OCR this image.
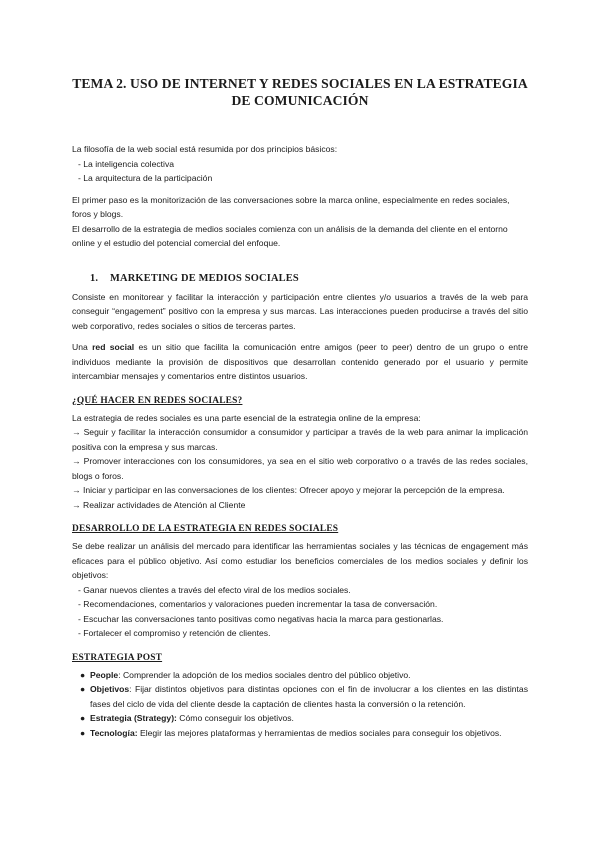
TEMA 2. USO DE INTERNET Y REDES SOCIALES EN LA ESTRATEGIA
DE COMUNICACIÓN

La filosofía de la web social está resumida por dos principios básicos:

- La inteligencia colectiva

- La arquitectura de la participación

El primer paso es la monitorización de las conversaciones sobre la marca online, especialmente en redes sociales, foros y blogs.

El desarrollo de la estrategia de medios sociales comienza con un análisis de la demanda del cliente en el entorno online y el estudio del potencial comercial del enfoque.

1. MARKETING DE MEDIOS SOCIALES

Consiste en monitorear y facilitar la interacción y participación entre clientes y/o usuarios a través de la web para conseguir “engagement” positivo con la empresa y sus marcas. Las interacciones pueden producirse a través del sitio web corporativo, redes sociales o sitios de terceras partes.

Una red social es un sitio que facilita la comunicación entre amigos (peer to peer) dentro de un grupo o entre individuos mediante la provisión de dispositivos que desarrollan contenido generado por el usuario y permite intercambiar mensajes y comentarios entre distintos usuarios.

¿QUÉ HACER EN REDES SOCIALES?

La estrategia de redes sociales es una parte esencial de la estrategia online de la empresa:

→ Seguir y facilitar la interacción consumidor a consumidor y participar a través de la web para animar la implicación positiva con la empresa y sus marcas.

→ Promover interacciones con los consumidores, ya sea en el sitio web corporativo o a través de las redes sociales, blogs o foros.

→ Iniciar y participar en las conversaciones de los clientes: Ofrecer apoyo y mejorar la percepción de la empresa.

→ Realizar actividades de Atención al Cliente

DESARROLLO DE LA ESTRATEGIA EN REDES SOCIALES

Se debe realizar un análisis del mercado para identificar las herramientas sociales y las técnicas de engagement más eficaces para el público objetivo. Así como estudiar los beneficios comerciales de los medios sociales y definir los objetivos:

- Ganar nuevos clientes a través del efecto viral de los medios sociales.

- Recomendaciones, comentarios y valoraciones pueden incrementar la tasa de conversación.

- Escuchar las conversaciones tanto positivas como negativas hacia la marca para gestionarlas.

- Fortalecer el compromiso y retención de clientes.

ESTRATEGIA POST

● People: Comprender la adopción de los medios sociales dentro del público objetivo.

● Objetivos: Fijar distintos objetivos para distintas opciones con el fin de involucrar a los clientes en las distintas fases del ciclo de vida del cliente desde la captación de clientes hasta la conversión o la retención.

● Estrategia (Strategy): Cómo conseguir los objetivos.

● Tecnología: Elegir las mejores plataformas y herramientas de medios sociales para conseguir los objetivos.
